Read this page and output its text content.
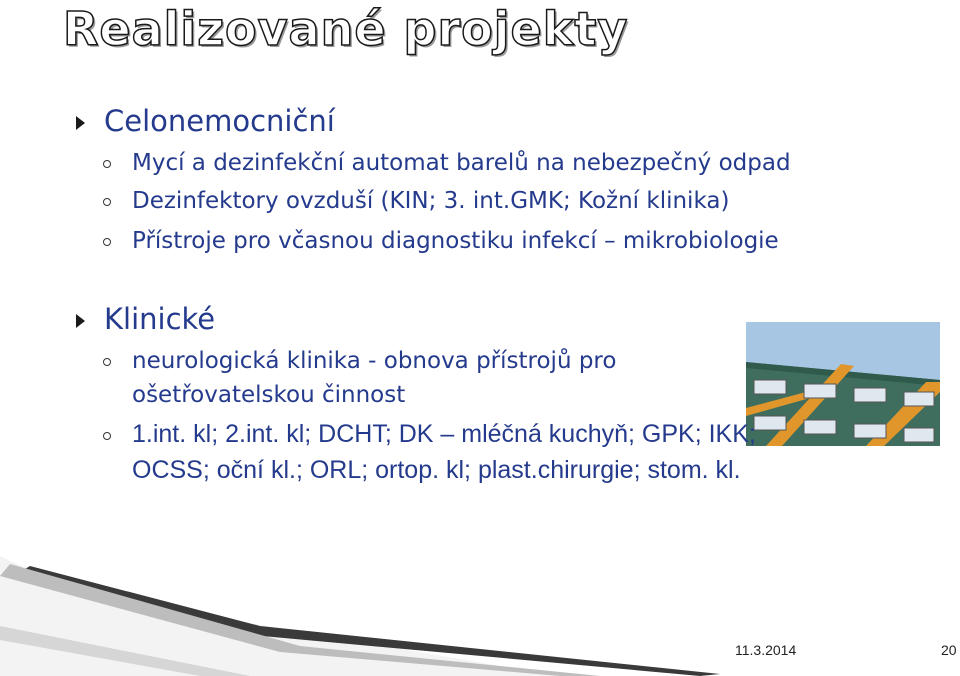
Realizované projekty
Celonemocniční
Mycí a dezinfekční automat barelů na nebezpečný odpad
Dezinfektory ovzduší (KIN; 3. int.GMK; Kožní klinika)
Přístroje pro včasnou diagnostiku infekcí – mikrobiologie
Klinické
neurologická klinika - obnova přístrojů pro
ošetřovatelskou činnost
1.int. kl; 2.int. kl; DCHT; DK – mléčná kuchyň; GPK; IKK;
OCSS; oční kl.; ORL; ortop. kl; plast.chirurgie; stom. kl.
11.3.2014	20
